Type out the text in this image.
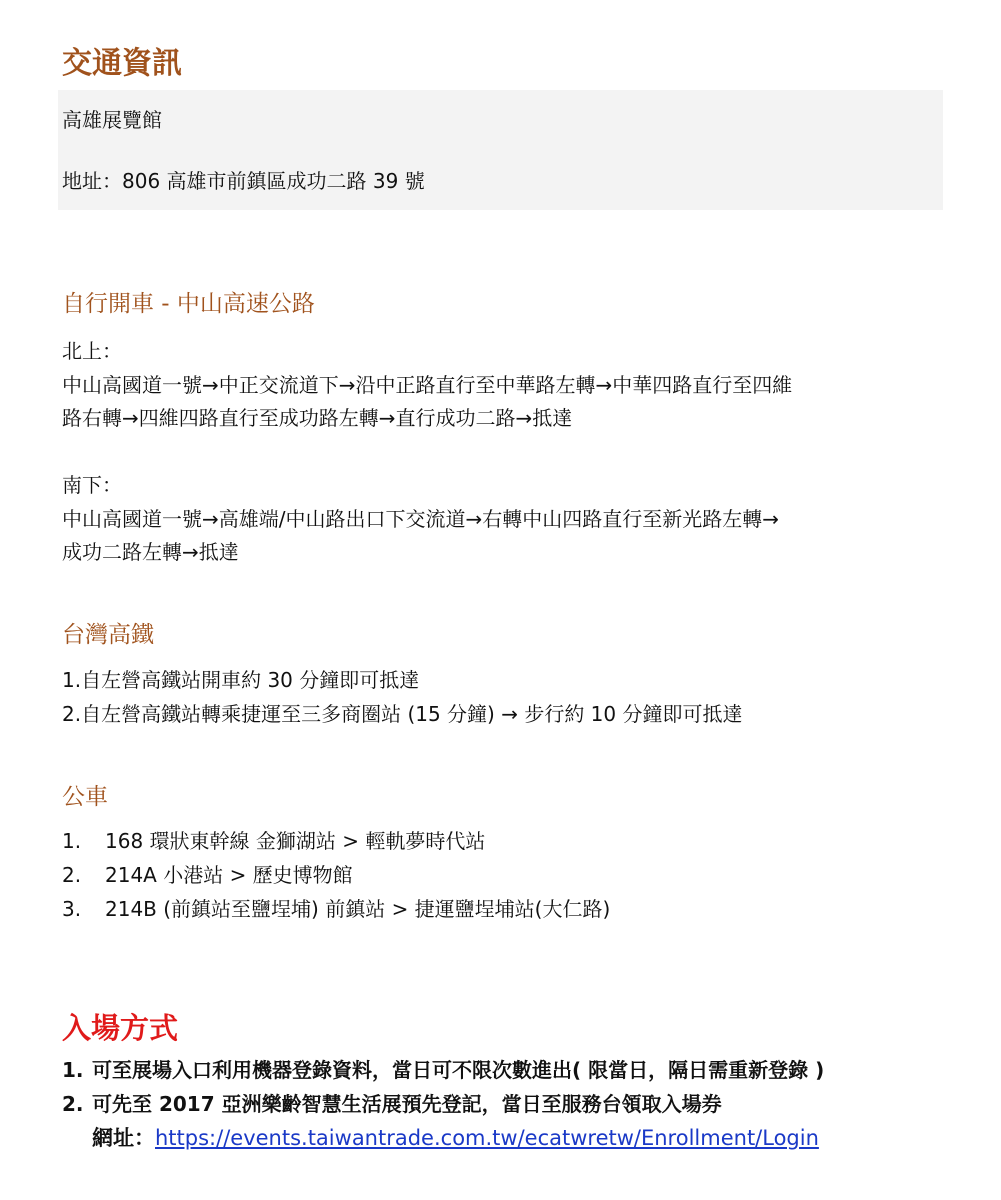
交通資訊
高雄展覽館
地址：806 高雄市前鎮區成功二路 39 號
自行開車 - 中山高速公路
北上：
中山高國道一號→中正交流道下→沿中正路直行至中華路左轉→中華四路直行至四維
路右轉→四維四路直行至成功路左轉→直行成功二路→抵達
南下：
中山高國道一號→高雄端/中山路出口下交流道→右轉中山四路直行至新光路左轉→
成功二路左轉→抵達
台灣高鐵
1.自左營高鐵站開車約 30 分鐘即可抵達
2.自左營高鐵站轉乘捷運至三多商圈站 (15 分鐘) → 步行約 10 分鐘即可抵達
公車
1. 168 環狀東幹線 金獅湖站 > 輕軌夢時代站
2. 214A 小港站 > 歷史博物館
3. 214B (前鎮站至鹽埕埔) 前鎮站 > 捷運鹽埕埔站(大仁路)
入場方式
1. 可至展場入口利用機器登錄資料，當日可不限次數進出( 限當日，隔日需重新登錄 )
2. 可先至 2017 亞洲樂齡智慧生活展預先登記，當日至服務台領取入場券
網址：https://events.taiwantrade.com.tw/ecatwretw/Enrollment/Login
